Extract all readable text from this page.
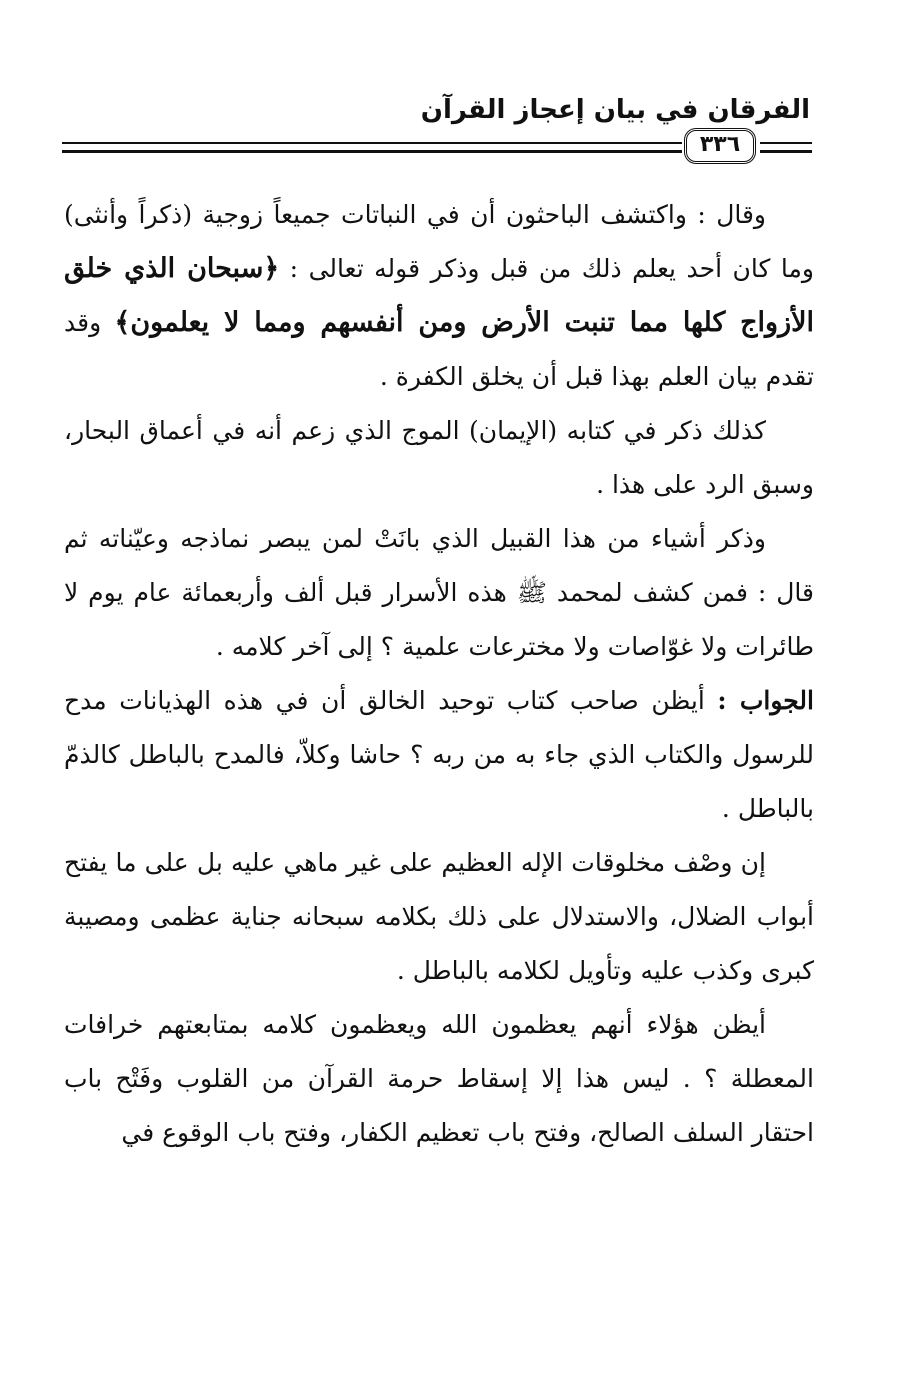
الفرقان في بيان إعجاز القرآن
٣٣٦

وقال : واكتشف الباحثون أن في النباتات جميعاً زوجية (ذكراً وأنثى) وما كان أحد يعلم ذلك من قبل وذكر قوله تعالى : ﴿سبحان الذي خلق الأزواج كلها مما تنبت الأرض ومن أنفسهم ومما لا يعلمون﴾ وقد تقدم بيان العلم بهذا قبل أن يخلق الكفرة .

كذلك ذكر في كتابه (الإيمان) الموج الذي زعم أنه في أعماق البحار، وسبق الرد على هذا .

وذكر أشياء من هذا القبيل الذي بانَتْ لمن يبصر نماذجه وعيّناته ثم قال : فمن كشف لمحمد ﷺ هذه الأسرار قبل ألف وأربعمائة عام يوم لا طائرات ولا غوّاصات ولا مخترعات علمية ؟ إلى آخر كلامه .

الجواب : أيظن صاحب كتاب توحيد الخالق أن في هذه الهذيانات مدح للرسول والكتاب الذي جاء به من ربه ؟ حاشا وكلاّ، فالمدح بالباطل كالذمّ بالباطل .

إن وصْف مخلوقات الإله العظيم على غير ماهي عليه بل على ما يفتح أبواب الضلال، والاستدلال على ذلك بكلامه سبحانه جناية عظمى ومصيبة كبرى وكذب عليه وتأويل لكلامه بالباطل .

أيظن هؤلاء أنهم يعظمون الله ويعظمون كلامه بمتابعتهم خرافات المعطلة ؟ . ليس هذا إلا إسقاط حرمة القرآن من القلوب وفَتْح باب احتقار السلف الصالح، وفتح باب تعظيم الكفار، وفتح باب الوقوع في
